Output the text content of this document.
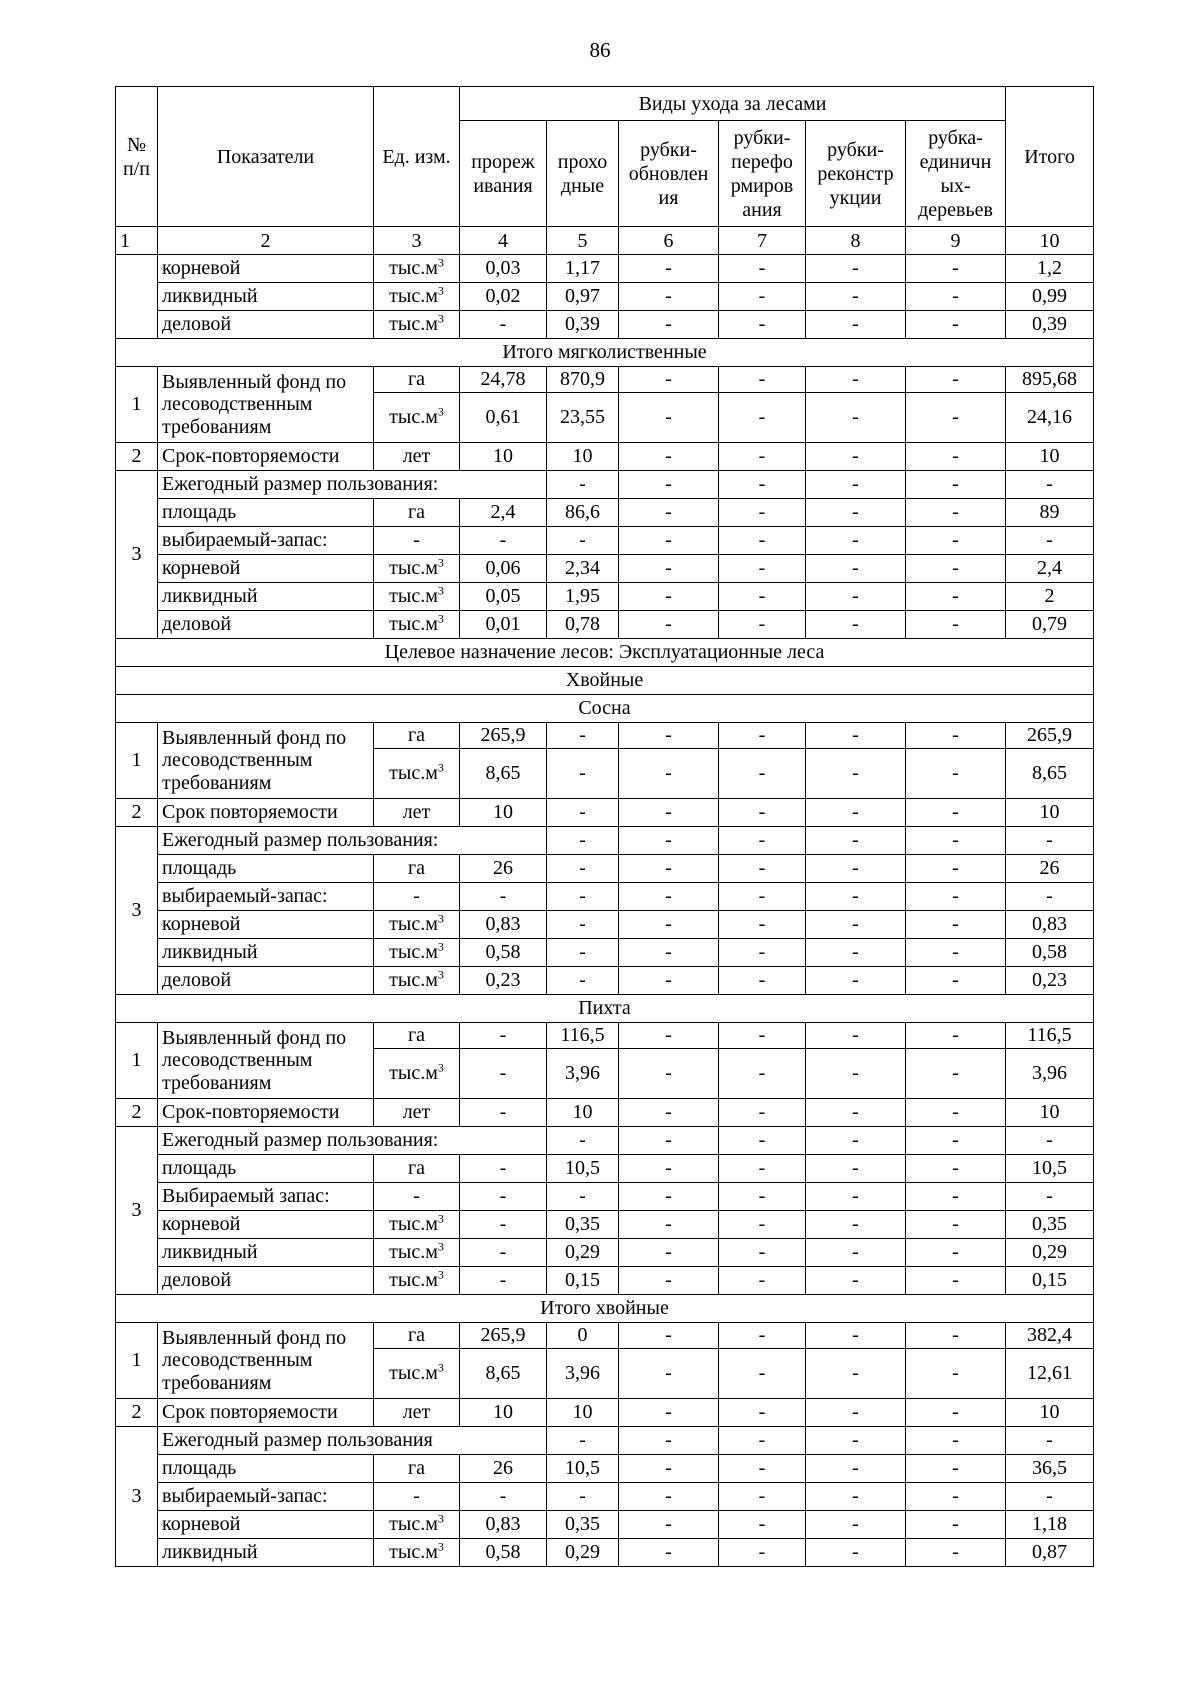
86
№ п/п	Показатели	Ед. изм.	Виды ухода за лесами						Итого
			прореж ивания	прохо дные	рубки- обновлен ия	рубки- перефо рмиров ания	рубки- реконстр укции	рубка- единичн ых- деревьев	
1	2	3	4	5	6	7	8	9	10
	корневой	$тыс.м^3$	0,03	1,17	-	-	-	-	1,2
	ликвидный	$тыс.м^3$	0,02	0,97	-	-	-	-	0,99
	деловой	$тыс.м^3$	-	0,39	-	-	-	-	0,39
Итого мягколиственные									
1	Выявленный фонд по лесоводственным требованиям	га	24,78	870,9	-	-	-	-	895,68
		$тыс.м^3$	0,61	23,55	-	-	-	-	24,16
2	Срок-повторяемости	лет	10	10	-	-	-	-	10
3	Ежегодный размер пользования:			-	-	-	-	-	-
	площадь	га	2,4	86,6	-	-	-	-	89
	выбираемый-запас:	-	-	-	-	-	-	-	-
	корневой	$тыс.м^3$	0,06	2,34	-	-	-	-	2,4
	ликвидный	$тыс.м^3$	0,05	1,95	-	-	-	-	2
	деловой	$тыс.м^3$	0,01	0,78	-	-	-	-	0,79
Целевое назначение лесов: Эксплуатационные леса									
Хвойные									
Сосна									
1	Выявленный фонд по лесоводственным требованиям	га	265,9	-	-	-	-	-	265,9
		$тыс.м^3$	8,65	-	-	-	-	-	8,65
2	Срок повторяемости	лет	10	-	-	-	-	-	10
3	Ежегодный размер пользования:			-	-	-	-	-	-
	площадь	га	26	-	-	-	-	-	26
	выбираемый-запас:	-	-	-	-	-	-	-	-
	корневой	$тыс.м^3$	0,83	-	-	-	-	-	0,83
	ликвидный	$тыс.м^3$	0,58	-	-	-	-	-	0,58
	деловой	$тыс.м^3$	0,23	-	-	-	-	-	0,23
Пихта									
1	Выявленный фонд по лесоводственным требованиям	га	-	116,5	-	-	-	-	116,5
		$тыс.м^3$	-	3,96	-	-	-	-	3,96
2	Срок-повторяемости	лет	-	10	-	-	-	-	10
3	Ежегодный размер пользования:			-	-	-	-	-	-
	площадь	га	-	10,5	-	-	-	-	10,5
	Выбираемый запас:	-	-	-	-	-	-	-	-
	корневой	$тыс.м^3$	-	0,35	-	-	-	-	0,35
	ликвидный	$тыс.м^3$	-	0,29	-	-	-	-	0,29
	деловой	$тыс.м^3$	-	0,15	-	-	-	-	0,15
Итого хвойные									
1	Выявленный фонд по лесоводственным требованиям	га	265,9	0	-	-	-	-	382,4
		$тыс.м^3$	8,65	3,96	-	-	-	-	12,61
2	Срок повторяемости	лет	10	10	-	-	-	-	10
3	Ежегодный размер пользования			-	-	-	-	-	-
	площадь	га	26	10,5	-	-	-	-	36,5
	выбираемый-запас:	-	-	-	-	-	-	-	-
	корневой	$тыс.м^3$	0,83	0,35	-	-	-	-	1,18
	ликвидный	$тыс.м^3$	0,58	0,29	-	-	-	-	0,87
